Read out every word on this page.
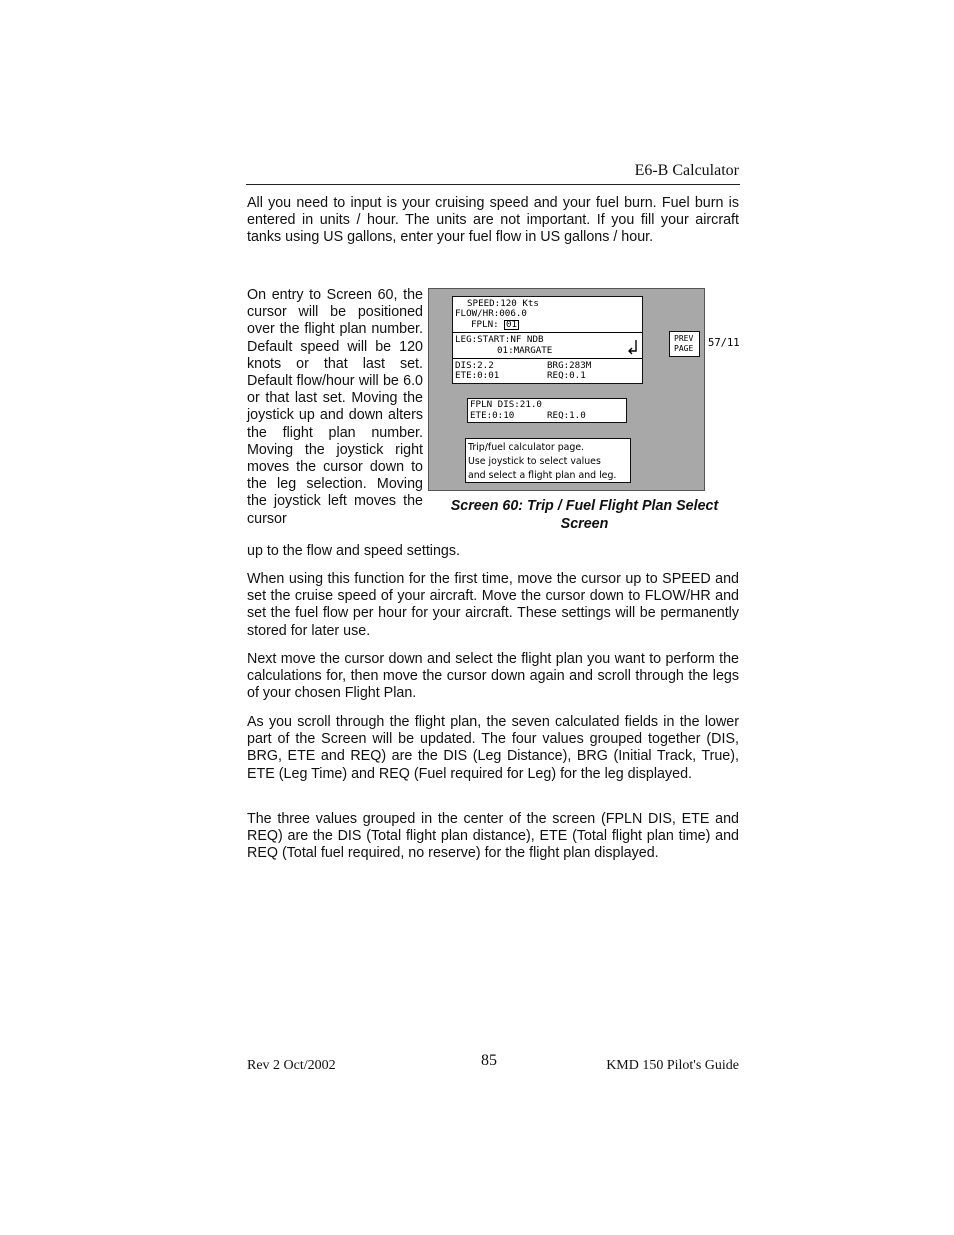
E6-B Calculator

All you need to input is your cruising speed and your fuel burn. Fuel burn is entered in units / hour. The units are not important. If you fill your aircraft tanks using US gallons, enter your fuel flow in US gallons / hour.

On entry to Screen 60, the cursor will be positioned over the flight plan number. Default speed will be 120 knots or that last set. Default flow/hour will be 6.0 or that last set. Moving the joystick up and down alters the flight plan number. Moving the joystick right moves the cursor down to the leg selection. Moving the joystick left moves the cursor

up to the flow and speed settings.

SPEED:120 Kts
FLOW/HR:006.0
FPLN: 01
LEG:START:NF NDB
01:MARGATE
DIS:2.2	BRG:283M
ETE:0:01	REQ:0.1
PREV
PAGE
FPLN DIS:21.0
ETE:0:10	REQ:1.0
Trip/fuel calculator page.
Use joystick to select values
and select a flight plan and leg.
57/11
Screen 60: Trip / Fuel Flight Plan Select Screen

When using this function for the first time, move the cursor up to SPEED and set the cruise speed of your aircraft. Move the cursor down to FLOW/HR and set the fuel flow per hour for your aircraft. These settings will be permanently stored for later use.

Next move the cursor down and select the flight plan you want to perform the calculations for, then move the cursor down again and scroll through the legs of your chosen Flight Plan.

As you scroll through the flight plan, the seven calculated fields in the lower part of the Screen will be updated. The four values grouped together (DIS, BRG, ETE and REQ) are the DIS (Leg Distance), BRG (Initial Track, True), ETE (Leg Time) and REQ (Fuel required for Leg) for the leg displayed.

The three values grouped in the center of the screen (FPLN DIS, ETE and REQ) are the DIS (Total flight plan distance), ETE (Total flight plan time) and REQ (Total fuel required, no reserve) for the flight plan displayed.

Rev 2 Oct/2002	85	KMD 150 Pilot's Guide
